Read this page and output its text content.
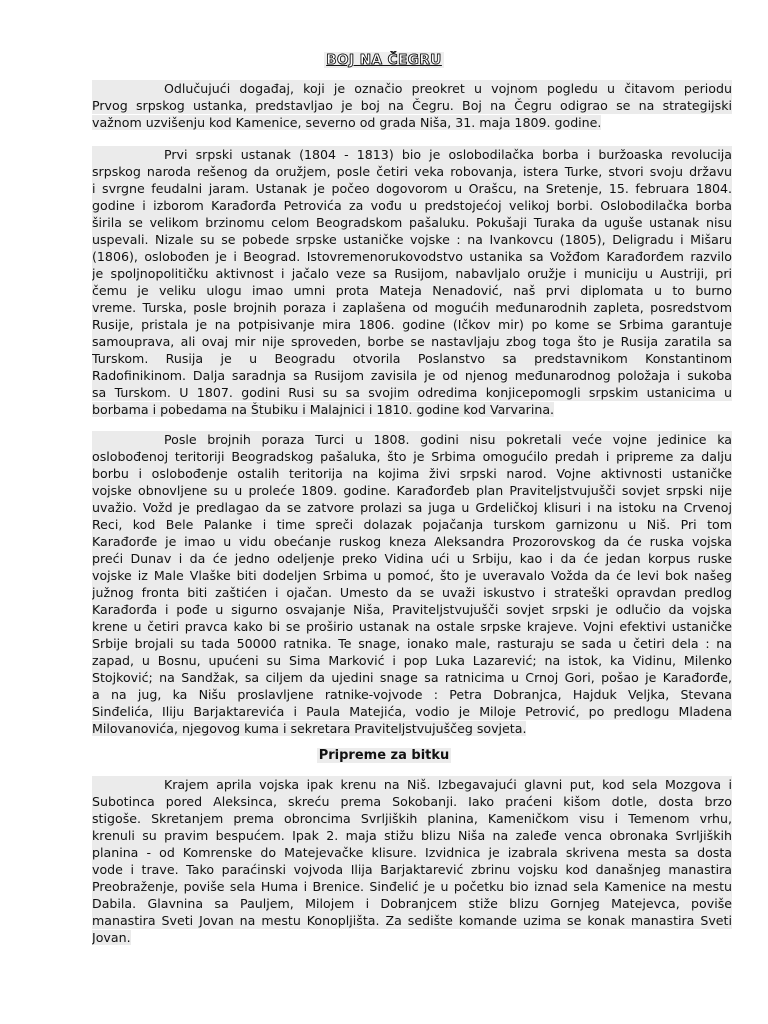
BOJ NA ČEGRU
Odlučujući događaj, koji je označio preokret u vojnom pogledu u čitavom periodu
Prvog srpskog ustanka, predstavljao je boj na Čegru. Boj na Čegru odigrao se na strategijski
važnom uzvišenju kod Kamenice, severno od grada Niša, 31. maja 1809. godine.
Prvi srpski ustanak (1804 - 1813) bio je oslobodilačka borba i buržoaska revolucija
srpskog naroda rešenog da oružjem, posle četiri veka robovanja, istera Turke, stvori svoju državu
i svrgne feudalni jaram. Ustanak je počeo dogovorom u Orašcu, na Sretenje, 15. februara 1804.
godine i izborom Karađorđa Petrovića za vođu u predstojećoj velikoj borbi. Oslobodilačka borba
širila se velikom brzinomu celom Beogradskom pašaluku. Pokušaji Turaka da uguše ustanak nisu
uspevali. Nizale su se pobede srpske ustaničke vojske : na Ivankovcu (1805), Deligradu i Mišaru
(1806), oslobođen je i Beograd. Istovremenorukovodstvo ustanika sa Vožđom Karađorđem razvilo
je spoljnopolitičku aktivnost i jačalo veze sa Rusijom, nabavljalo oružje i municiju u Austriji, pri
čemu je veliku ulogu imao umni prota Mateja Nenadović, naš prvi diplomata u to burno
vreme. Turska, posle brojnih poraza i zaplašena od mogućih međunarodnih zapleta, posredstvom
Rusije, pristala je na potpisivanje mira 1806. godine (Ičkov mir) po kome se Srbima garantuje
samouprava, ali ovaj mir nije sproveden, borbe se nastavljaju zbog toga što je Rusija zaratila sa
Turskom. Rusija je u Beogradu otvorila Poslanstvo sa predstavnikom Konstantinom
Radofinikinom. Dalja saradnja sa Rusijom zavisila je od njenog međunarodnog položaja i sukoba
sa Turskom. U 1807. godini Rusi su sa svojim odredima konjicepomogli srpskim ustanicima u
borbama i pobedama na Štubiku i Malajnici i 1810. godine kod Varvarina.
Posle brojnih poraza Turci u 1808. godini nisu pokretali veće vojne jedinice ka
oslobođenoj teritoriji Beogradskog pašaluka, što je Srbima omogućilo predah i pripreme za dalju
borbu i oslobođenje ostalih teritorija na kojima živi srpski narod. Vojne aktivnosti ustaničke
vojske obnovljene su u proleće 1809. godine. Karađorđeb plan Praviteljstvujušči sovjet srpski nije
uvažio. Vožd je predlagao da se zatvore prolazi sa juga u Grdeličkoj klisuri i na istoku na Crvenoj
Reci, kod Bele Palanke i time spreči dolazak pojačanja turskom garnizonu u Niš. Pri tom
Karađorđe je imao u vidu obećanje ruskog kneza Aleksandra Prozorovskog da će ruska vojska
preći Dunav i da će jedno odeljenje preko Vidina ući u Srbiju, kao i da će jedan korpus ruske
vojske iz Male Vlaške biti dodeljen Srbima u pomoć, što je uveravalo Vožda da će levi bok našeg
južnog fronta biti zaštićen i ojačan. Umesto da se uvaži iskustvo i strateški opravdan predlog
Karađorđa i pođe u sigurno osvajanje Niša, Praviteljstvujušči sovjet srpski je odlučio da vojska
krene u četiri pravca kako bi se proširio ustanak na ostale srpske krajeve. Vojni efektivi ustaničke
Srbije brojali su tada 50000 ratnika. Te snage, ionako male, rasturaju se sada u četiri dela : na
zapad, u Bosnu, upućeni su Sima Marković i pop Luka Lazarević; na istok, ka Vidinu, Milenko
Stojković; na Sandžak, sa ciljem da ujedini snage sa ratnicima u Crnoj Gori, pošao je Karađorđe,
a na jug, ka Nišu proslavljene ratnike-vojvode : Petra Dobranjca, Hajduk Veljka, Stevana
Sinđelića, Iliju Barjaktarevića i Paula Matejića, vodio je Miloje Petrović, po predlogu Mladena
Milovanovića, njegovog kuma i sekretara Praviteljstvujuščeg sovjeta.
Pripreme za bitku
Krajem aprila vojska ipak krenu na Niš. Izbegavajući glavni put, kod sela Mozgova i
Subotinca pored Aleksinca, skreću prema Sokobanji. Iako praćeni kišom dotle, dosta brzo
stigoše. Skretanjem prema obroncima Svrljiških planina, Kameničkom visu i Temenom vrhu,
krenuli su pravim bespućem. Ipak 2. maja stižu blizu Niša na zaleđe venca obronaka Svrljiških
planina - od Komrenske do Matejevačke klisure. Izvidnica je izabrala skrivena mesta sa dosta
vode i trave. Tako paraćinski vojvoda Ilija Barjaktarević zbrinu vojsku kod današnjeg manastira
Preobraženje, poviše sela Huma i Brenice. Sinđelić je u početku bio iznad sela Kamenice na mestu
Dabila. Glavnina sa Pauljem, Milojem i Dobranjcem stiže blizu Gornjeg Matejevca, poviše
manastira Sveti Jovan na mestu Konopljišta. Za sedište komande uzima se konak manastira Sveti
Jovan.
